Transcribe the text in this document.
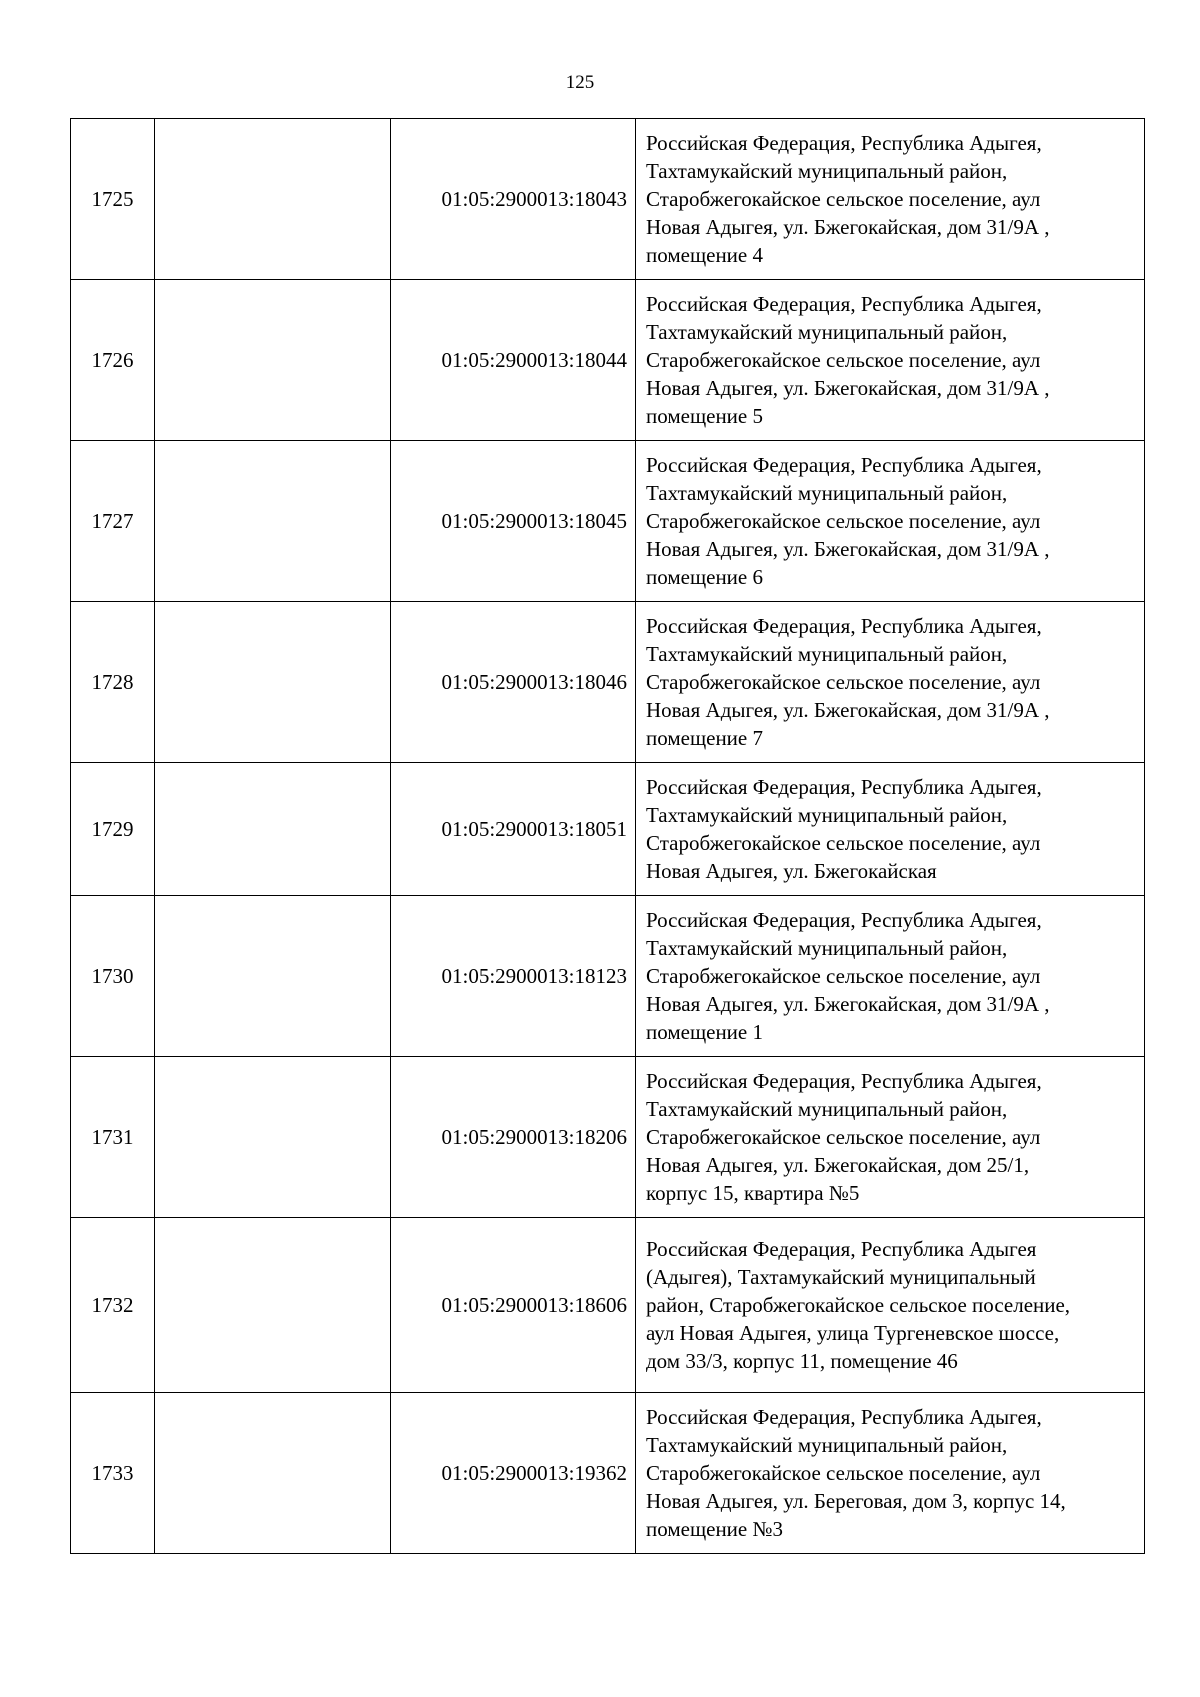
125
1725		01:05:2900013:18043	Российская Федерация, Республика Адыгея,
Тахтамукайский муниципальный район,
Старобжегокайское сельское поселение, аул
Новая Адыгея, ул. Бжегокайская, дом 31/9А ,
помещение 4

1726		01:05:2900013:18044	Российская Федерация, Республика Адыгея,
Тахтамукайский муниципальный район,
Старобжегокайское сельское поселение, аул
Новая Адыгея, ул. Бжегокайская, дом 31/9А ,
помещение 5

1727		01:05:2900013:18045	Российская Федерация, Республика Адыгея,
Тахтамукайский муниципальный район,
Старобжегокайское сельское поселение, аул
Новая Адыгея, ул. Бжегокайская, дом 31/9А ,
помещение 6

1728		01:05:2900013:18046	Российская Федерация, Республика Адыгея,
Тахтамукайский муниципальный район,
Старобжегокайское сельское поселение, аул
Новая Адыгея, ул. Бжегокайская, дом 31/9А ,
помещение 7

1729		01:05:2900013:18051	Российская Федерация, Республика Адыгея,
Тахтамукайский муниципальный район,
Старобжегокайское сельское поселение, аул
Новая Адыгея, ул. Бжегокайская

1730		01:05:2900013:18123	Российская Федерация, Республика Адыгея,
Тахтамукайский муниципальный район,
Старобжегокайское сельское поселение, аул
Новая Адыгея, ул. Бжегокайская, дом 31/9А ,
помещение 1

1731		01:05:2900013:18206	Российская Федерация, Республика Адыгея,
Тахтамукайский муниципальный район,
Старобжегокайское сельское поселение, аул
Новая Адыгея, ул. Бжегокайская, дом 25/1,
корпус 15, квартира №5

1732		01:05:2900013:18606	Российская Федерация, Республика Адыгея
(Адыгея), Тахтамукайский муниципальный
район, Старобжегокайское сельское поселение,
аул Новая Адыгея, улица Тургеневское шоссе,
дом 33/3, корпус 11, помещение 46

1733		01:05:2900013:19362	Российская Федерация, Республика Адыгея,
Тахтамукайский муниципальный район,
Старобжегокайское сельское поселение, аул
Новая Адыгея, ул. Береговая, дом 3, корпус 14,
помещение №3
